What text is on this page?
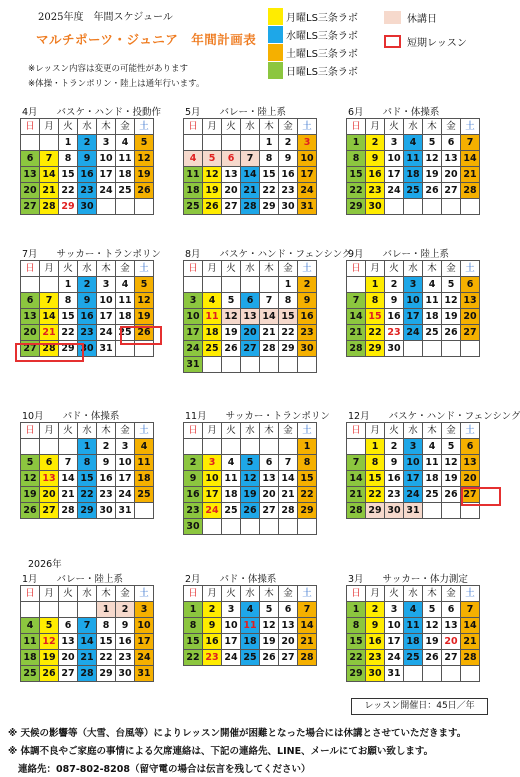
2025年度　年間スケジュール
マルチポーツ・ジュニア　年間計画表
※レッスン内容は変更の可能性があります
※体操・トランポリン・陸上は通年行います。
月曜LS三条ラボ
水曜LS三条ラボ
土曜LS三条ラボ
日曜LS三条ラボ
休講日
短期レッスン
2026年
4月　　バスケ・ハンド・投動作
日	月	火	水	木	金	土
		1	2	3	4	5
6	7	8	9	10	11	12
13	14	15	16	17	18	19
20	21	22	23	24	25	26
27	28	29	30			
5月　　バレー・陸上系
日	月	火	水	木	金	土
				1	2	3
4	5	6	7	8	9	10
11	12	13	14	15	16	17
18	19	20	21	22	23	24
25	26	27	28	29	30	31
6月　　パド・体操系
日	月	火	水	木	金	土
1	2	3	4	5	6	7
8	9	10	11	12	13	14
15	16	17	18	19	20	21
22	23	24	25	26	27	28
29	30					
7月　　サッカー・トランポリン
日	月	火	水	木	金	土
		1	2	3	4	5
6	7	8	9	10	11	12
13	14	15	16	17	18	19
20	21	22	23	24	25	26
27	28	29	30	31		
8月　　バスケ・ハンド・フェンシング
日	月	火	水	木	金	土
					1	2
3	4	5	6	7	8	9
10	11	12	13	14	15	16
17	18	19	20	21	22	23
24	25	26	27	28	29	30
31						
9月　　バレー・陸上系
日	月	火	水	木	金	土
	1	2	3	4	5	6
7	8	9	10	11	12	13
14	15	16	17	18	19	20
21	22	23	24	25	26	27
28	29	30				
10月　　パド・体操系
日	月	火	水	木	金	土
			1	2	3	4
5	6	7	8	9	10	11
12	13	14	15	16	17	18
19	20	21	22	23	24	25
26	27	28	29	30	31	
11月　　サッカー・トランポリン
日	月	火	水	木	金	土
						1
2	3	4	5	6	7	8
9	10	11	12	13	14	15
16	17	18	19	20	21	22
23	24	25	26	27	28	29
30						
12月　　バスケ・ハンド・フェンシング
日	月	火	水	木	金	土
	1	2	3	4	5	6
7	8	9	10	11	12	13
14	15	16	17	18	19	20
21	22	23	24	25	26	27
28	29	30	31			
1月　　バレー・陸上系
日	月	火	水	木	金	土
				1	2	3
4	5	6	7	8	9	10
11	12	13	14	15	16	17
18	19	20	21	22	23	24
25	26	27	28	29	30	31
2月　　パド・体操系
日	月	火	水	木	金	土
1	2	3	4	5	6	7
8	9	10	11	12	13	14
15	16	17	18	19	20	21
22	23	24	25	26	27	28
3月　　サッカー・体力測定
日	月	火	水	木	金	土
1	2	3	4	5	6	7
8	9	10	11	12	13	14
15	16	17	18	19	20	21
22	23	24	25	26	27	28
29	30	31				
レッスン開催日：45日／年
※ 天候の影響等（大雪、台風等）によりレッスン開催が困難となった場合には休講とさせていただきます。
※ 体調不良やご家庭の事情による欠席連絡は、下記の連絡先、LINE、メールにてお願い致します。
連絡先：087-802-8208（留守電の場合は伝言を残してください）
